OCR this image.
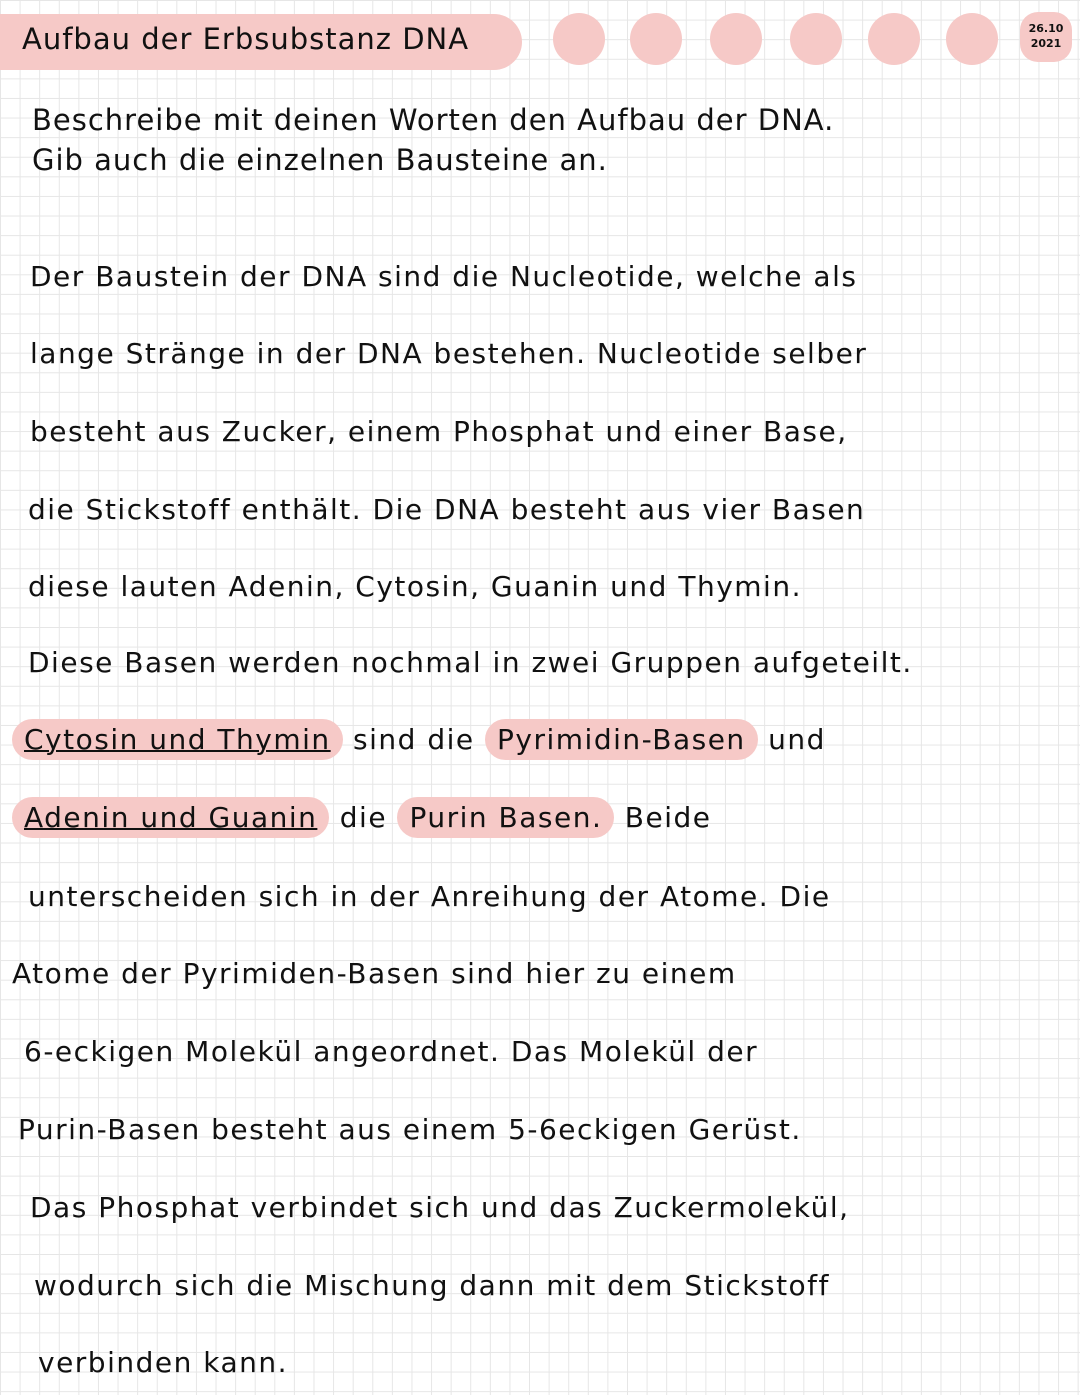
Aufbau der Erbsubstanz DNA	26.10
2021
Beschreibe mit deinen Worten den Aufbau der DNA.
Gib auch die einzelnen Bausteine an.
Der Baustein der DNA sind die Nucleotide, welche als
lange Stränge in der DNA bestehen. Nucleotide selber
besteht aus Zucker, einem Phosphat und einer Base,
die Stickstoff enthält. Die DNA besteht aus vier Basen
diese lauten Adenin, Cytosin, Guanin und Thymin.
Diese Basen werden nochmal in zwei Gruppen aufgeteilt.
Cytosin und Thymin sind die Pyrimidin-Basen und
Adenin und Guanin die Purin Basen. Beide
unterscheiden sich in der Anreihung der Atome. Die
Atome der Pyrimiden-Basen sind hier zu einem
6-eckigen Molekül angeordnet. Das Molekül der
Purin-Basen besteht aus einem 5-6eckigen Gerüst.
Das Phosphat verbindet sich und das Zuckermolekül,
wodurch sich die Mischung dann mit dem Stickstoff
verbinden kann.
